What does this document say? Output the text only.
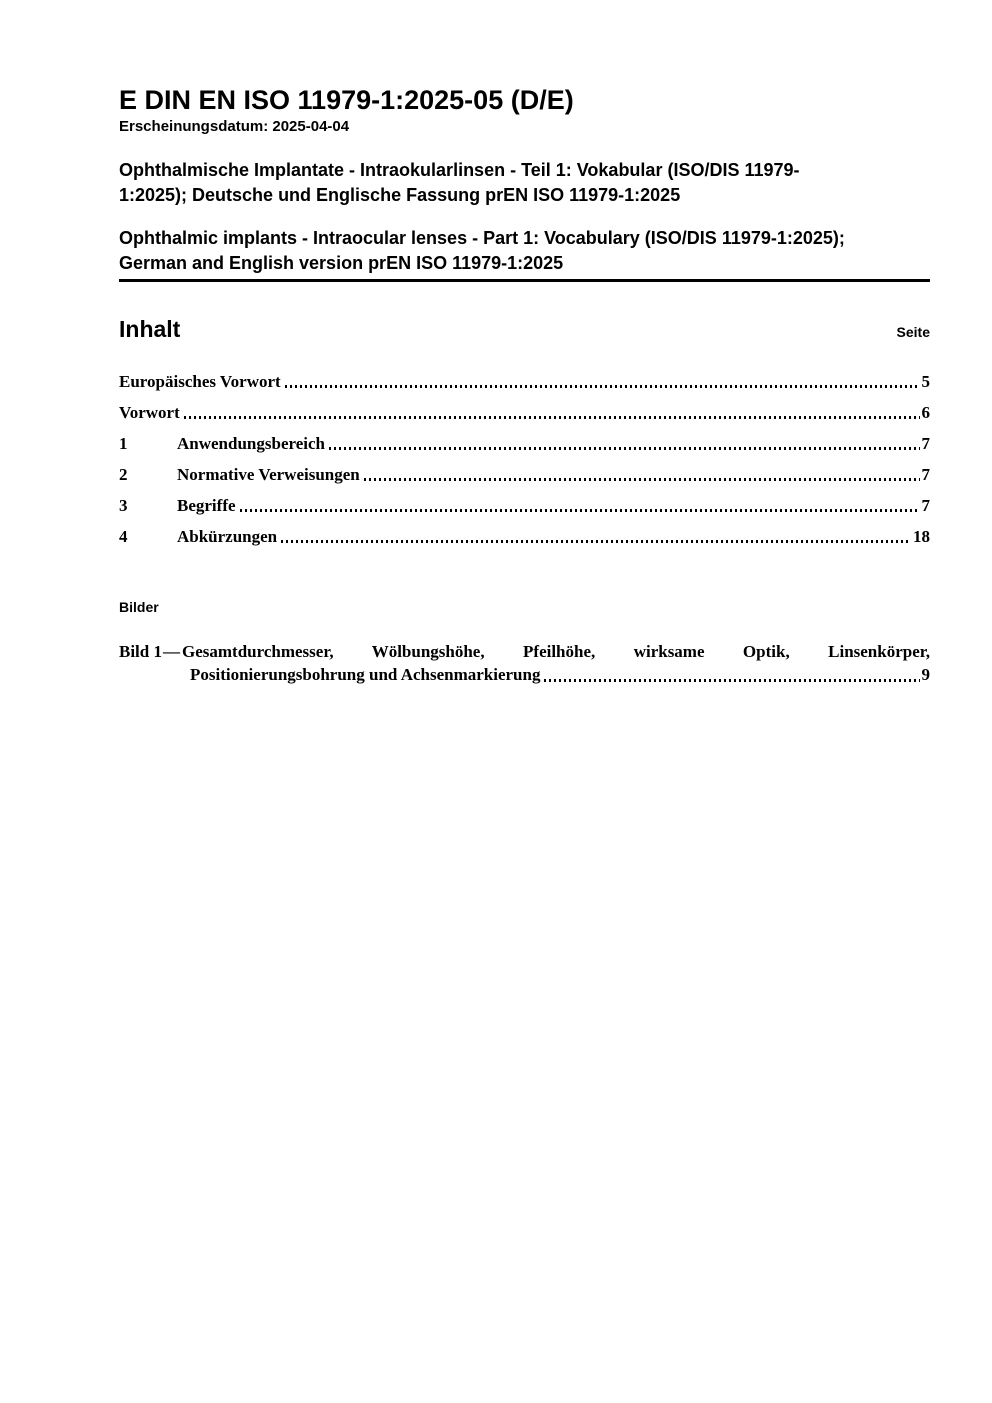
E DIN EN ISO 11979-1:2025-05 (D/E)

Erscheinungsdatum: 2025-04-04

Ophthalmische Implantate - Intraokularlinsen - Teil 1: Vokabular (ISO/DIS 11979-
1:2025); Deutsche und Englische Fassung prEN ISO 11979-1:2025
Ophthalmic implants - Intraocular lenses - Part 1: Vocabulary (ISO/DIS 11979-1:2025);
German and English version prEN ISO 11979-1:2025
Inhalt	Seite
Europäisches Vorwort	5
Vorwort	6
1	Anwendungsbereich	7
2	Normative Verweisungen	7
3	Begriffe	7
4	Abkürzungen	18
Bilder
Bild 1 — Gesamtdurchmesser, Wölbungshöhe, Pfeilhöhe, wirksame Optik, Linsenkörper,
Positionierungsbohrung und Achsenmarkierung	9
